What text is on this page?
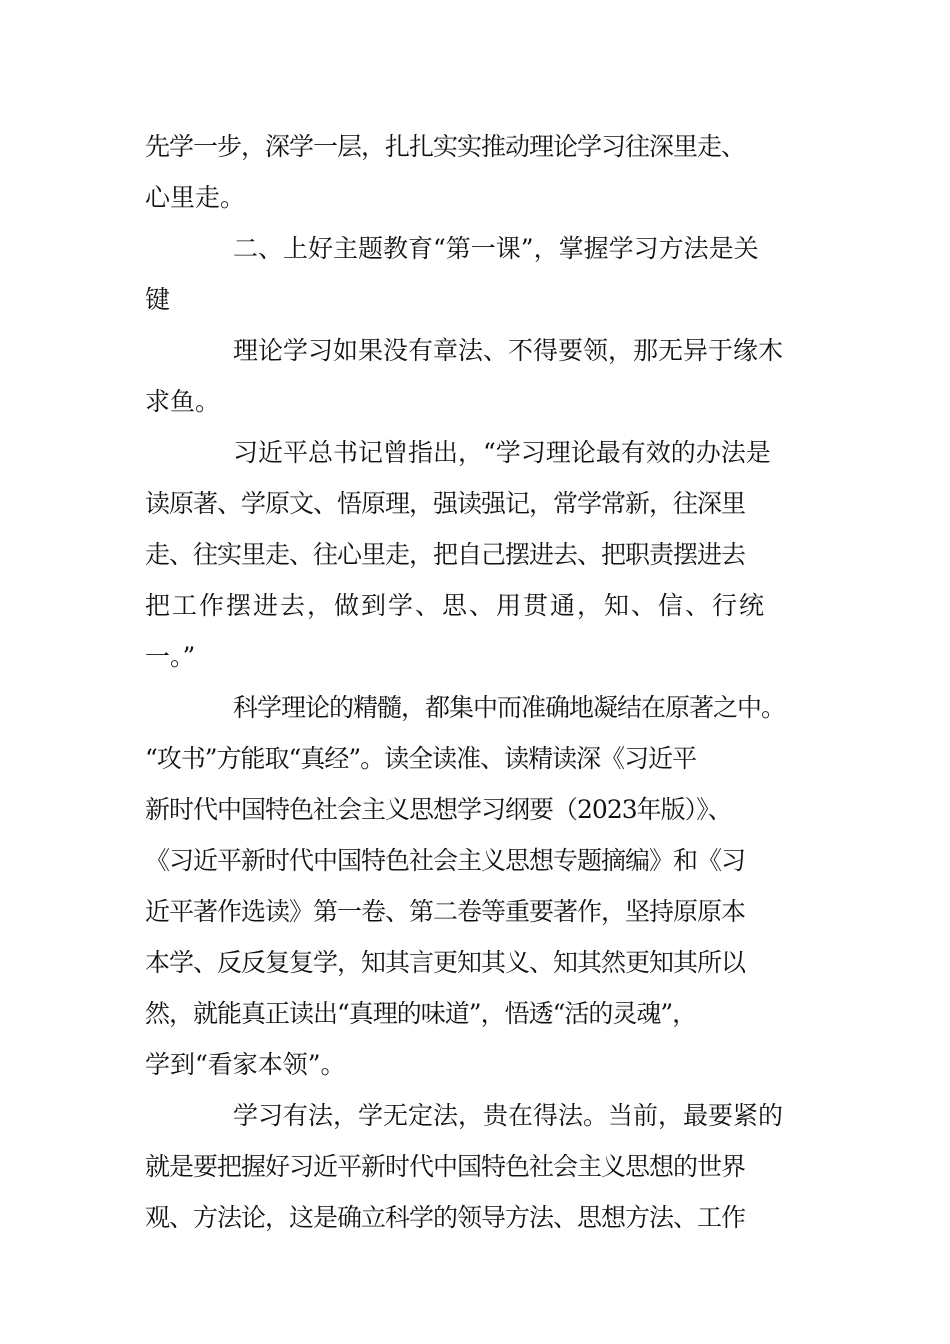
先学一步，深学一层，扎扎实实推动理论学习往深里走、
心里走。

二、上好主题教育“第一课”，掌握学习方法是关
键

理论学习如果没有章法、不得要领，那无异于缘木
求鱼。

习近平总书记曾指出，“学习理论最有效的办法是
读原著、学原文、悟原理，强读强记，常学常新，往深里
走、往实里走、往心里走，把自己摆进去、把职责摆进去
把工作摆进去，做到学、思、用贯通，知、信、行统
一。”

科学理论的精髓，都集中而准确地凝结在原著之中。
“攻书”方能取“真经”。读全读准、读精读深《习近平
新时代中国特色社会主义思想学习纲要（2023年版）》、
《习近平新时代中国特色社会主义思想专题摘编》和《习
近平著作选读》第一卷、第二卷等重要著作，坚持原原本
本学、反反复复学，知其言更知其义、知其然更知其所以
然，就能真正读出“真理的味道”，悟透“活的灵魂”，
学到“看家本领”。

学习有法，学无定法，贵在得法。当前，最要紧的
就是要把握好习近平新时代中国特色社会主义思想的世界
观、方法论，这是确立科学的领导方法、思想方法、工作
